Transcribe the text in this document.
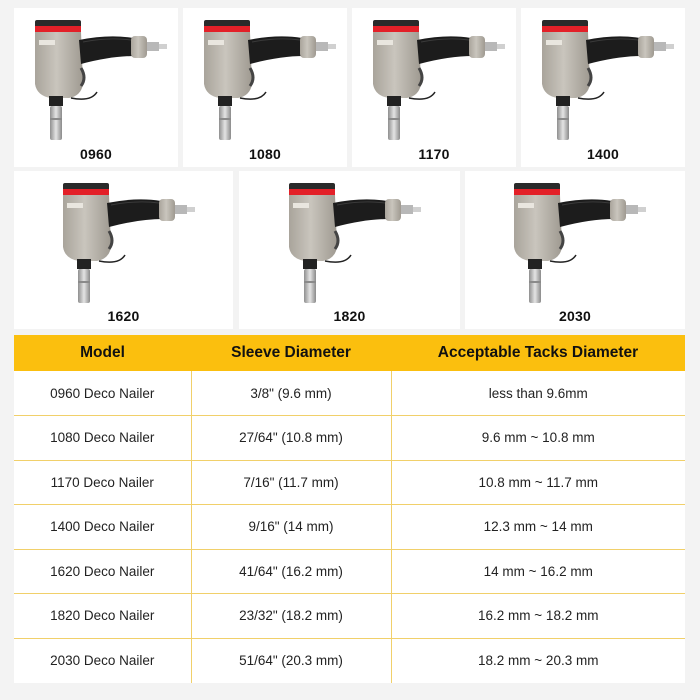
0960	1080	1170	1400
1620	1820	2030
Model	Sleeve Diameter	Acceptable Tacks Diameter
0960 Deco Nailer	3/8" (9.6 mm)	less than 9.6mm
1080 Deco Nailer	27/64" (10.8 mm)	9.6 mm ~ 10.8 mm
1170 Deco Nailer	7/16" (11.7 mm)	10.8 mm ~ 11.7 mm
1400 Deco Nailer	9/16" (14 mm)	12.3 mm ~ 14 mm
1620 Deco Nailer	41/64" (16.2 mm)	14 mm ~ 16.2 mm
1820 Deco Nailer	23/32" (18.2 mm)	16.2 mm ~ 18.2 mm
2030 Deco Nailer	51/64" (20.3 mm)	18.2 mm ~ 20.3 mm
